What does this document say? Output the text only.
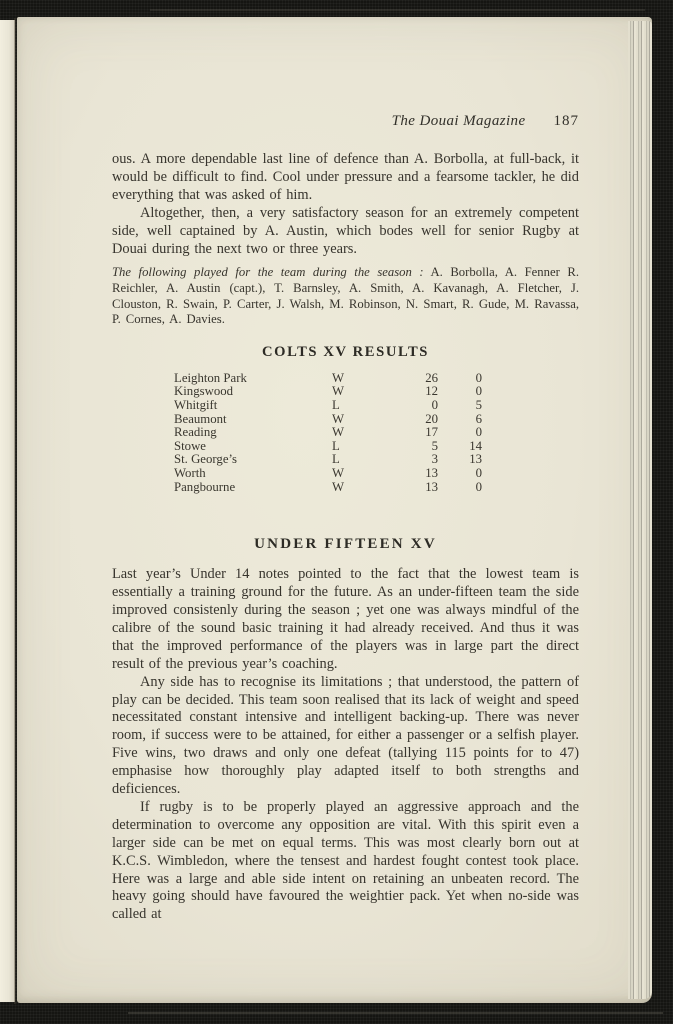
The Douai Magazine 187

ous. A more dependable last line of defence than A. Borbolla, at full-back, it would be difficult to find. Cool under pressure and a fearsome tackler, he did everything that was asked of him.

Altogether, then, a very satisfactory season for an extremely competent side, well captained by A. Austin, which bodes well for senior Rugby at Douai during the next two or three years.

The following played for the team during the season : A. Borbolla, A. Fenner R. Reichler, A. Austin (capt.), T. Barnsley, A. Smith, A. Kavanagh, A. Fletcher, J. Clouston, R. Swain, P. Carter, J. Walsh, M. Robinson, N. Smart, R. Gude, M. Ravassa, P. Cornes, A. Davies.

COLTS XV RESULTS
Leighton Park	W	26	0
Kingswood	W	12	0
Whitgift	L	0	5
Beaumont	W	20	6
Reading	W	17	0
Stowe	L	5	14
St. George’s	L	3	13
Worth	W	13	0
Pangbourne	W	13	0
UNDER FIFTEEN XV

Last year’s Under 14 notes pointed to the fact that the lowest team is essentially a training ground for the future. As an under-fifteen team the side improved consistenly during the season ; yet one was always mindful of the calibre of the sound basic training it had already received. And thus it was that the improved performance of the players was in large part the direct result of the previous year’s coaching.

Any side has to recognise its limitations ; that understood, the pattern of play can be decided. This team soon realised that its lack of weight and speed necessitated constant intensive and intelligent backing-up. There was never room, if success were to be attained, for either a passenger or a selfish player. Five wins, two draws and only one defeat (tallying 115 points for to 47) emphasise how thoroughly play adapted itself to both strengths and deficiences.

If rugby is to be properly played an aggressive approach and the determination to overcome any opposition are vital. With this spirit even a larger side can be met on equal terms. This was most clearly born out at K.C.S. Wimbledon, where the tensest and hardest fought contest took place. Here was a large and able side intent on retaining an unbeaten record. The heavy going should have favoured the weightier pack. Yet when no-side was called at
